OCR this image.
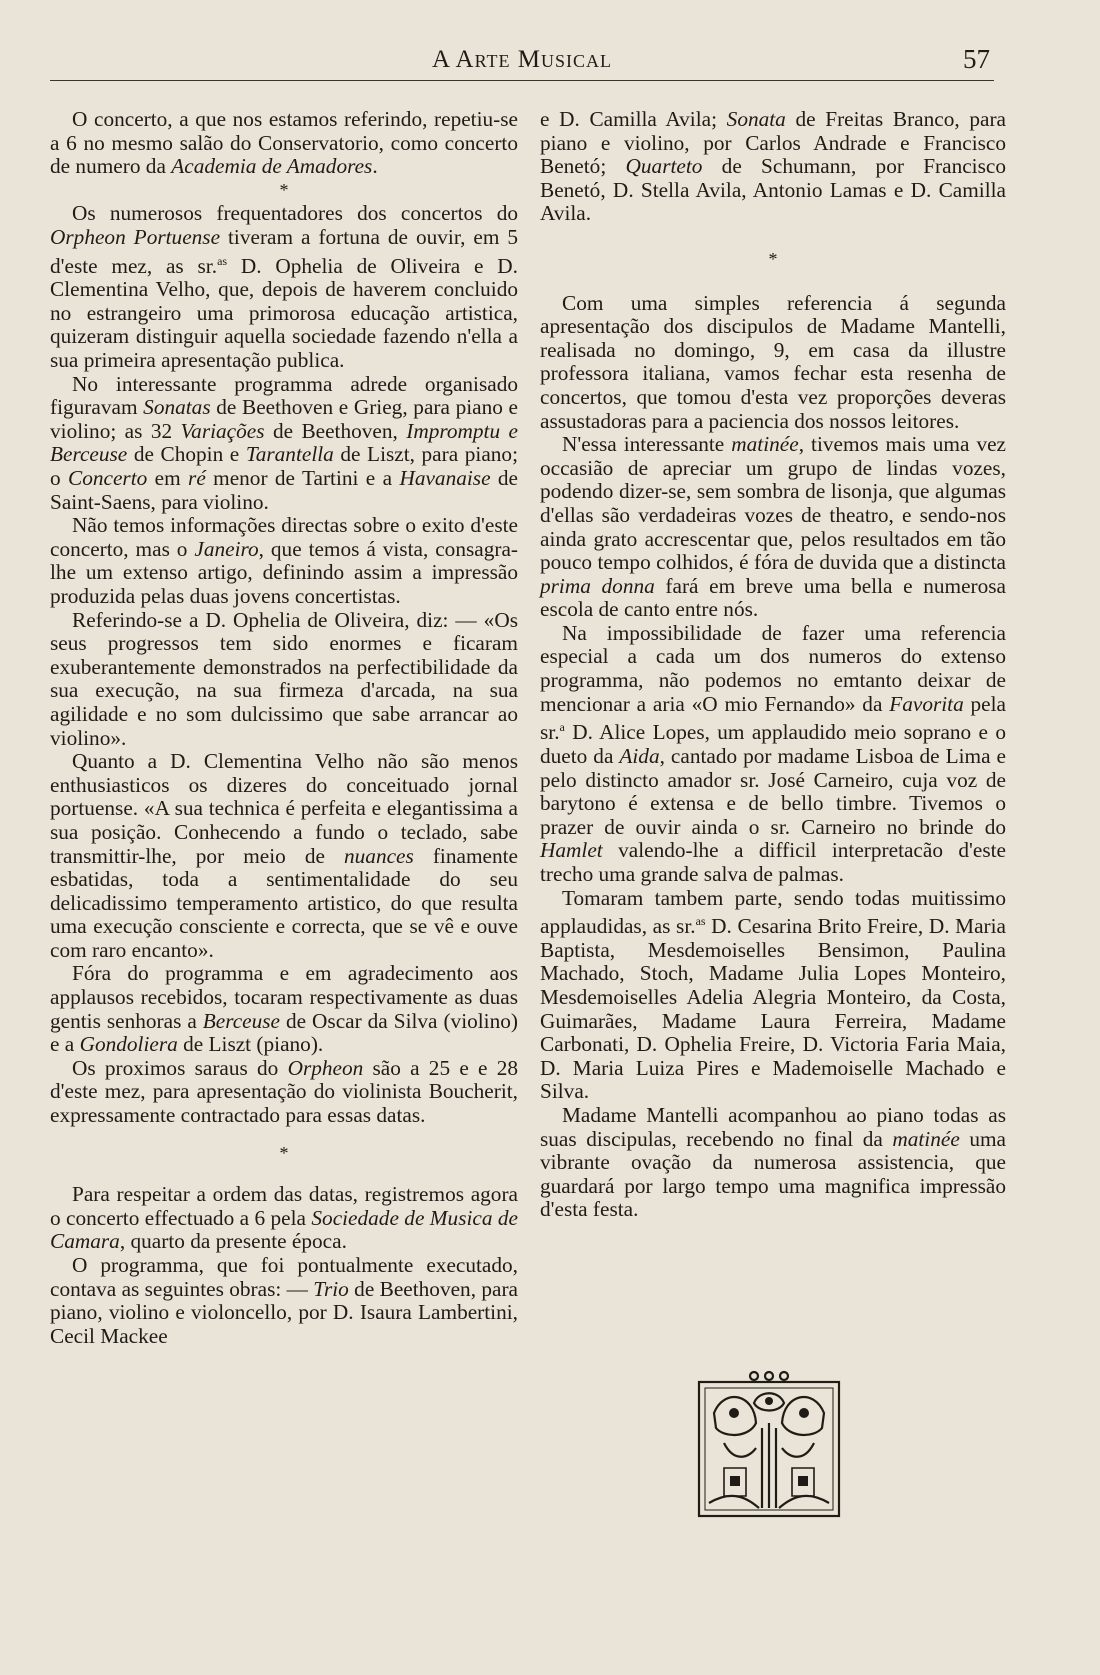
A Arte Musical	57

O concerto, a que nos estamos referindo, repetiu-se a 6 no mesmo salão do Conservatorio, como concerto de numero da Academia de Amadores.

*

Os numerosos frequentadores dos concertos do Orpheon Portuense tiveram a fortuna de ouvir, em 5 d'este mez, as sr.$^{as}$ D. Ophelia de Oliveira e D. Clementina Velho, que, depois de haverem concluido no estrangeiro uma primorosa educação artistica, quizeram distinguir aquella sociedade fazendo n'ella a sua primeira apresentação publica.

No interessante programma adrede organisado figuravam Sonatas de Beethoven e Grieg, para piano e violino; as 32 Variações de Beethoven, Impromptu e Berceuse de Chopin e Tarantella de Liszt, para piano; o Concerto em ré menor de Tartini e a Havanaise de Saint-Saens, para violino.

Não temos informações directas sobre o exito d'este concerto, mas o Janeiro, que temos á vista, consagra-lhe um extenso artigo, definindo assim a impressão produzida pelas duas jovens concertistas.

Referindo-se a D. Ophelia de Oliveira, diz: — «Os seus progressos tem sido enormes e ficaram exuberantemente demonstrados na perfectibilidade da sua execução, na sua firmeza d'arcada, na sua agilidade e no som dulcissimo que sabe arrancar ao violino».

Quanto a D. Clementina Velho não são menos enthusiasticos os dizeres do conceituado jornal portuense. «A sua technica é perfeita e elegantissima a sua posição. Conhecendo a fundo o teclado, sabe transmittir-lhe, por meio de nuances finamente esbatidas, toda a sentimentalidade do seu delicadissimo temperamento artistico, do que resulta uma execução consciente e correcta, que se vê e ouve com raro encanto».

Fóra do programma e em agradecimento aos applausos recebidos, tocaram respectivamente as duas gentis senhoras a Berceuse de Oscar da Silva (violino) e a Gondoliera de Liszt (piano).

Os proximos saraus do Orpheon são a 25 e e 28 d'este mez, para apresentação do violinista Boucherit, expressamente contractado para essas datas.

*

Para respeitar a ordem das datas, registremos agora o concerto effectuado a 6 pela Sociedade de Musica de Camara, quarto da presente época.

O programma, que foi pontualmente executado, contava as seguintes obras: — Trio de Beethoven, para piano, violino e violoncello, por D. Isaura Lambertini, Cecil Mackee

e D. Camilla Avila; Sonata de Freitas Branco, para piano e violino, por Carlos Andrade e Francisco Benetó; Quarteto de Schumann, por Francisco Benetó, D. Stella Avila, Antonio Lamas e D. Camilla Avila.

*

Com uma simples referencia á segunda apresentação dos discipulos de Madame Mantelli, realisada no domingo, 9, em casa da illustre professora italiana, vamos fechar esta resenha de concertos, que tomou d'esta vez proporções deveras assustadoras para a paciencia dos nossos leitores.

N'essa interessante matinée, tivemos mais uma vez occasião de apreciar um grupo de lindas vozes, podendo dizer-se, sem sombra de lisonja, que algumas d'ellas são verdadeiras vozes de theatro, e sendo-nos ainda grato accrescentar que, pelos resultados em tão pouco tempo colhidos, é fóra de duvida que a distincta prima donna fará em breve uma bella e numerosa escola de canto entre nós.

Na impossibilidade de fazer uma referencia especial a cada um dos numeros do extenso programma, não podemos no emtanto deixar de mencionar a aria «O mio Fernando» da Favorita pela sr.$^a$ D. Alice Lopes, um applaudido meio soprano e o dueto da Aida, cantado por madame Lisboa de Lima e pelo distincto amador sr. José Carneiro, cuja voz de barytono é extensa e de bello timbre. Tivemos o prazer de ouvir ainda o sr. Carneiro no brinde do Hamlet valendo-lhe a difficil interpretacão d'este trecho uma grande salva de palmas.

Tomaram tambem parte, sendo todas muitissimo applaudidas, as sr.$^{as}$ D. Cesarina Brito Freire, D. Maria Baptista, Mesdemoiselles Bensimon, Paulina Machado, Stoch, Madame Julia Lopes Monteiro, Mesdemoiselles Adelia Alegria Monteiro, da Costa, Guimarães, Madame Laura Ferreira, Madame Carbonati, D. Ophelia Freire, D. Victoria Faria Maia, D. Maria Luiza Pires e Mademoiselle Machado e Silva.

Madame Mantelli acompanhou ao piano todas as suas discipulas, recebendo no final da matinée uma vibrante ovação da numerosa assistencia, que guardará por largo tempo uma magnifica impressão d'esta festa.
